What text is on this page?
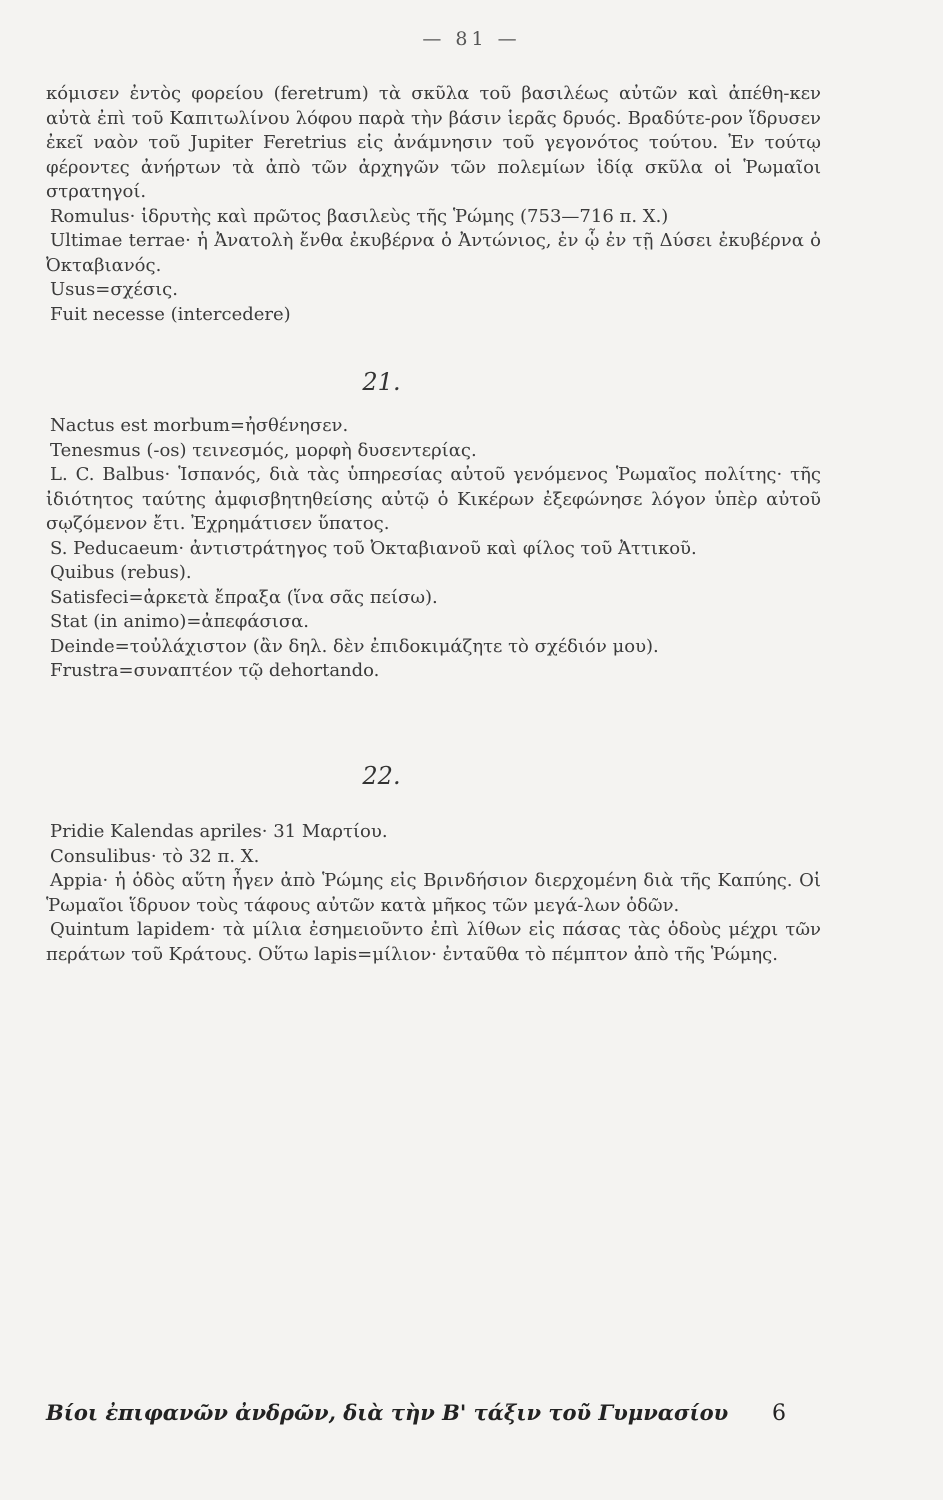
— 81 —

κόμισεν ἐντὸς φορείου (feretrum) τὰ σκῦλα τοῦ βασιλέως αὐτῶν καὶ ἀπέθη-κεν αὐτὰ ἐπὶ τοῦ Καπιτωλίνου λόφου παρὰ τὴν βάσιν ἱερᾶς δρυός. Βραδύτε-ρον ἵδρυσεν ἐκεῖ ναὸν τοῦ Jupiter Feretrius εἰς ἀνάμνησιν τοῦ γεγονότος τούτου. Ἐν τούτῳ φέροντες ἀνήρτων τὰ ἀπὸ τῶν ἀρχηγῶν τῶν πολεμίων ἰδίᾳ σκῦλα οἱ Ῥωμαῖοι στρατηγοί.

Romulus· ἱδρυτὴς καὶ πρῶτος βασιλεὺς τῆς Ῥώμης (753—716 π. Χ.)

Ultimae terrae· ἡ Ἀνατολὴ ἔνθα ἐκυβέρνα ὁ Ἀντώνιος, ἐν ᾧ ἐν τῇ Δύσει ἐκυβέρνα ὁ Ὀκταβιανός.

Usus=σχέσις.

Fuit necesse (intercedere)

21.

Nactus est morbum=ἠσθένησεν.

Tenesmus (-os) τεινεσμός, μορφὴ δυσεντερίας.

L. C. Balbus· Ἱσπανός, διὰ τὰς ὑπηρεσίας αὐτοῦ γενόμενος Ῥωμαῖος πολίτης· τῆς ἰδιότητος ταύτης ἀμφισβητηθείσης αὐτῷ ὁ Κικέρων ἐξεφώνησε λόγον ὑπὲρ αὐτοῦ σῳζόμενον ἔτι. Ἐχρημάτισεν ὕπατος.

S. Peducaeum· ἀντιστράτηγος τοῦ Ὀκταβιανοῦ καὶ φίλος τοῦ Ἀττικοῦ.

Quibus (rebus).

Satisfeci=ἀρκετὰ ἔπραξα (ἵνα σᾶς πείσω).

Stat (in animo)=ἀπεφάσισα.

Deinde=τοὐλάχιστον (ἂν δηλ. δὲν ἐπιδοκιμάζητε τὸ σχέδιόν μου).

Frustra=συναπτέον τῷ dehortando.

22.

Pridie Kalendas apriles· 31 Μαρτίου.

Consulibus· τὸ 32 π. Χ.

Appia· ἡ ὁδὸς αὕτη ἦγεν ἀπὸ Ῥώμης εἰς Βρινδήσιον διερχομένη διὰ τῆς Καπύης. Οἱ Ῥωμαῖοι ἵδρυον τοὺς τάφους αὐτῶν κατὰ μῆκος τῶν μεγά-λων ὁδῶν.

Quintum lapidem· τὰ μίλια ἐσημειοῦντο ἐπὶ λίθων εἰς πάσας τὰς ὁδοὺς μέχρι τῶν περάτων τοῦ Κράτους. Οὕτω lapis=μίλιον· ἐνταῦθα τὸ πέμπτον ἀπὸ τῆς Ῥώμης.

Βίοι ἐπιφανῶν ἀνδρῶν, διὰ τὴν Β' τάξιν τοῦ Γυμνασίου 6
